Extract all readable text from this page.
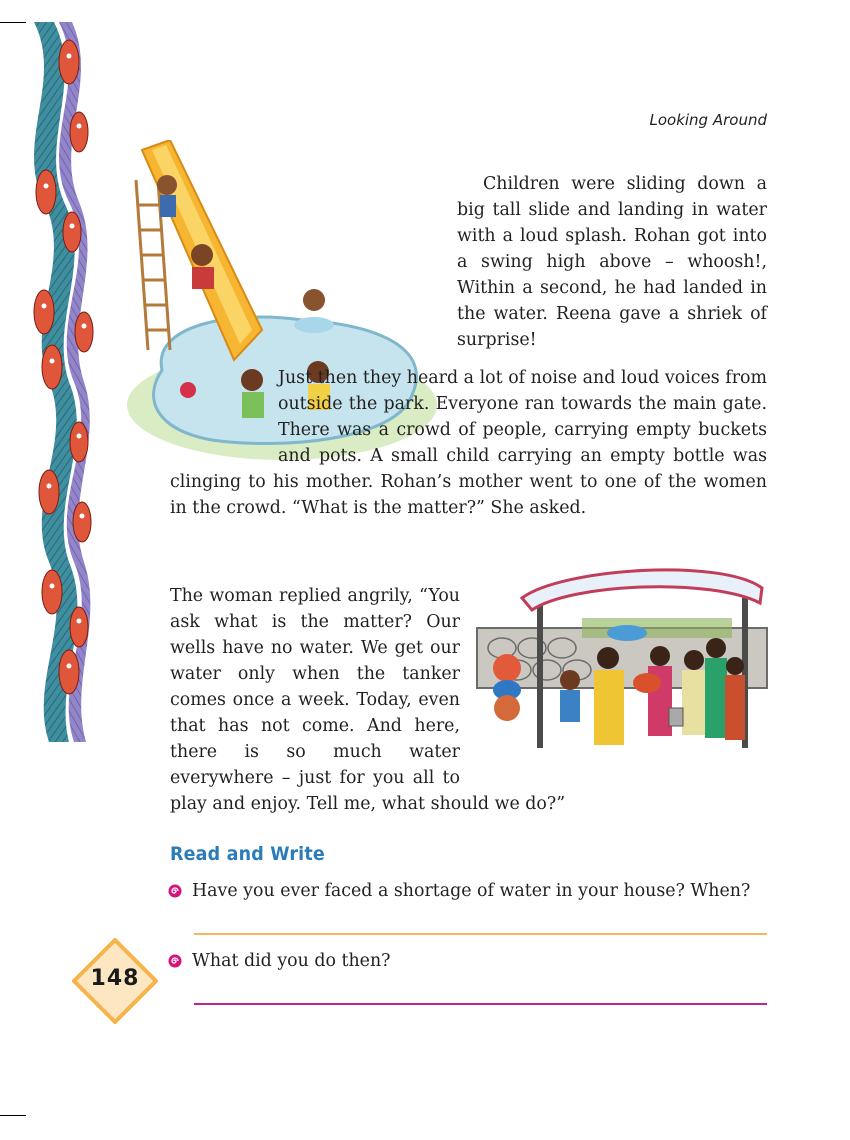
Looking Around

Children were sliding down a big tall slide and landing in water with a loud splash. Rohan got into a swing high above – whoosh!, Within a second, he had landed in the water. Reena gave a shriek of surprise!

Just then they heard a lot of noise and loud voices from outside the park. Everyone ran towards the main gate. There was a crowd of people, carrying empty buckets and pots. A small child carrying an empty bottle was clinging to his mother. Rohan’s mother went to one of the women in the crowd. “What is the matter?” She asked.

The woman replied angrily, “You ask what is the matter? Our wells have no water. We get our water only when the tanker comes once a week. Today, even that has not come. And here, there is so much water everywhere – just for you all to play and enjoy. Tell me, what should we do?”

Read and Write
Have you ever faced a shortage of water in your house? When?
What did you do then?
148
